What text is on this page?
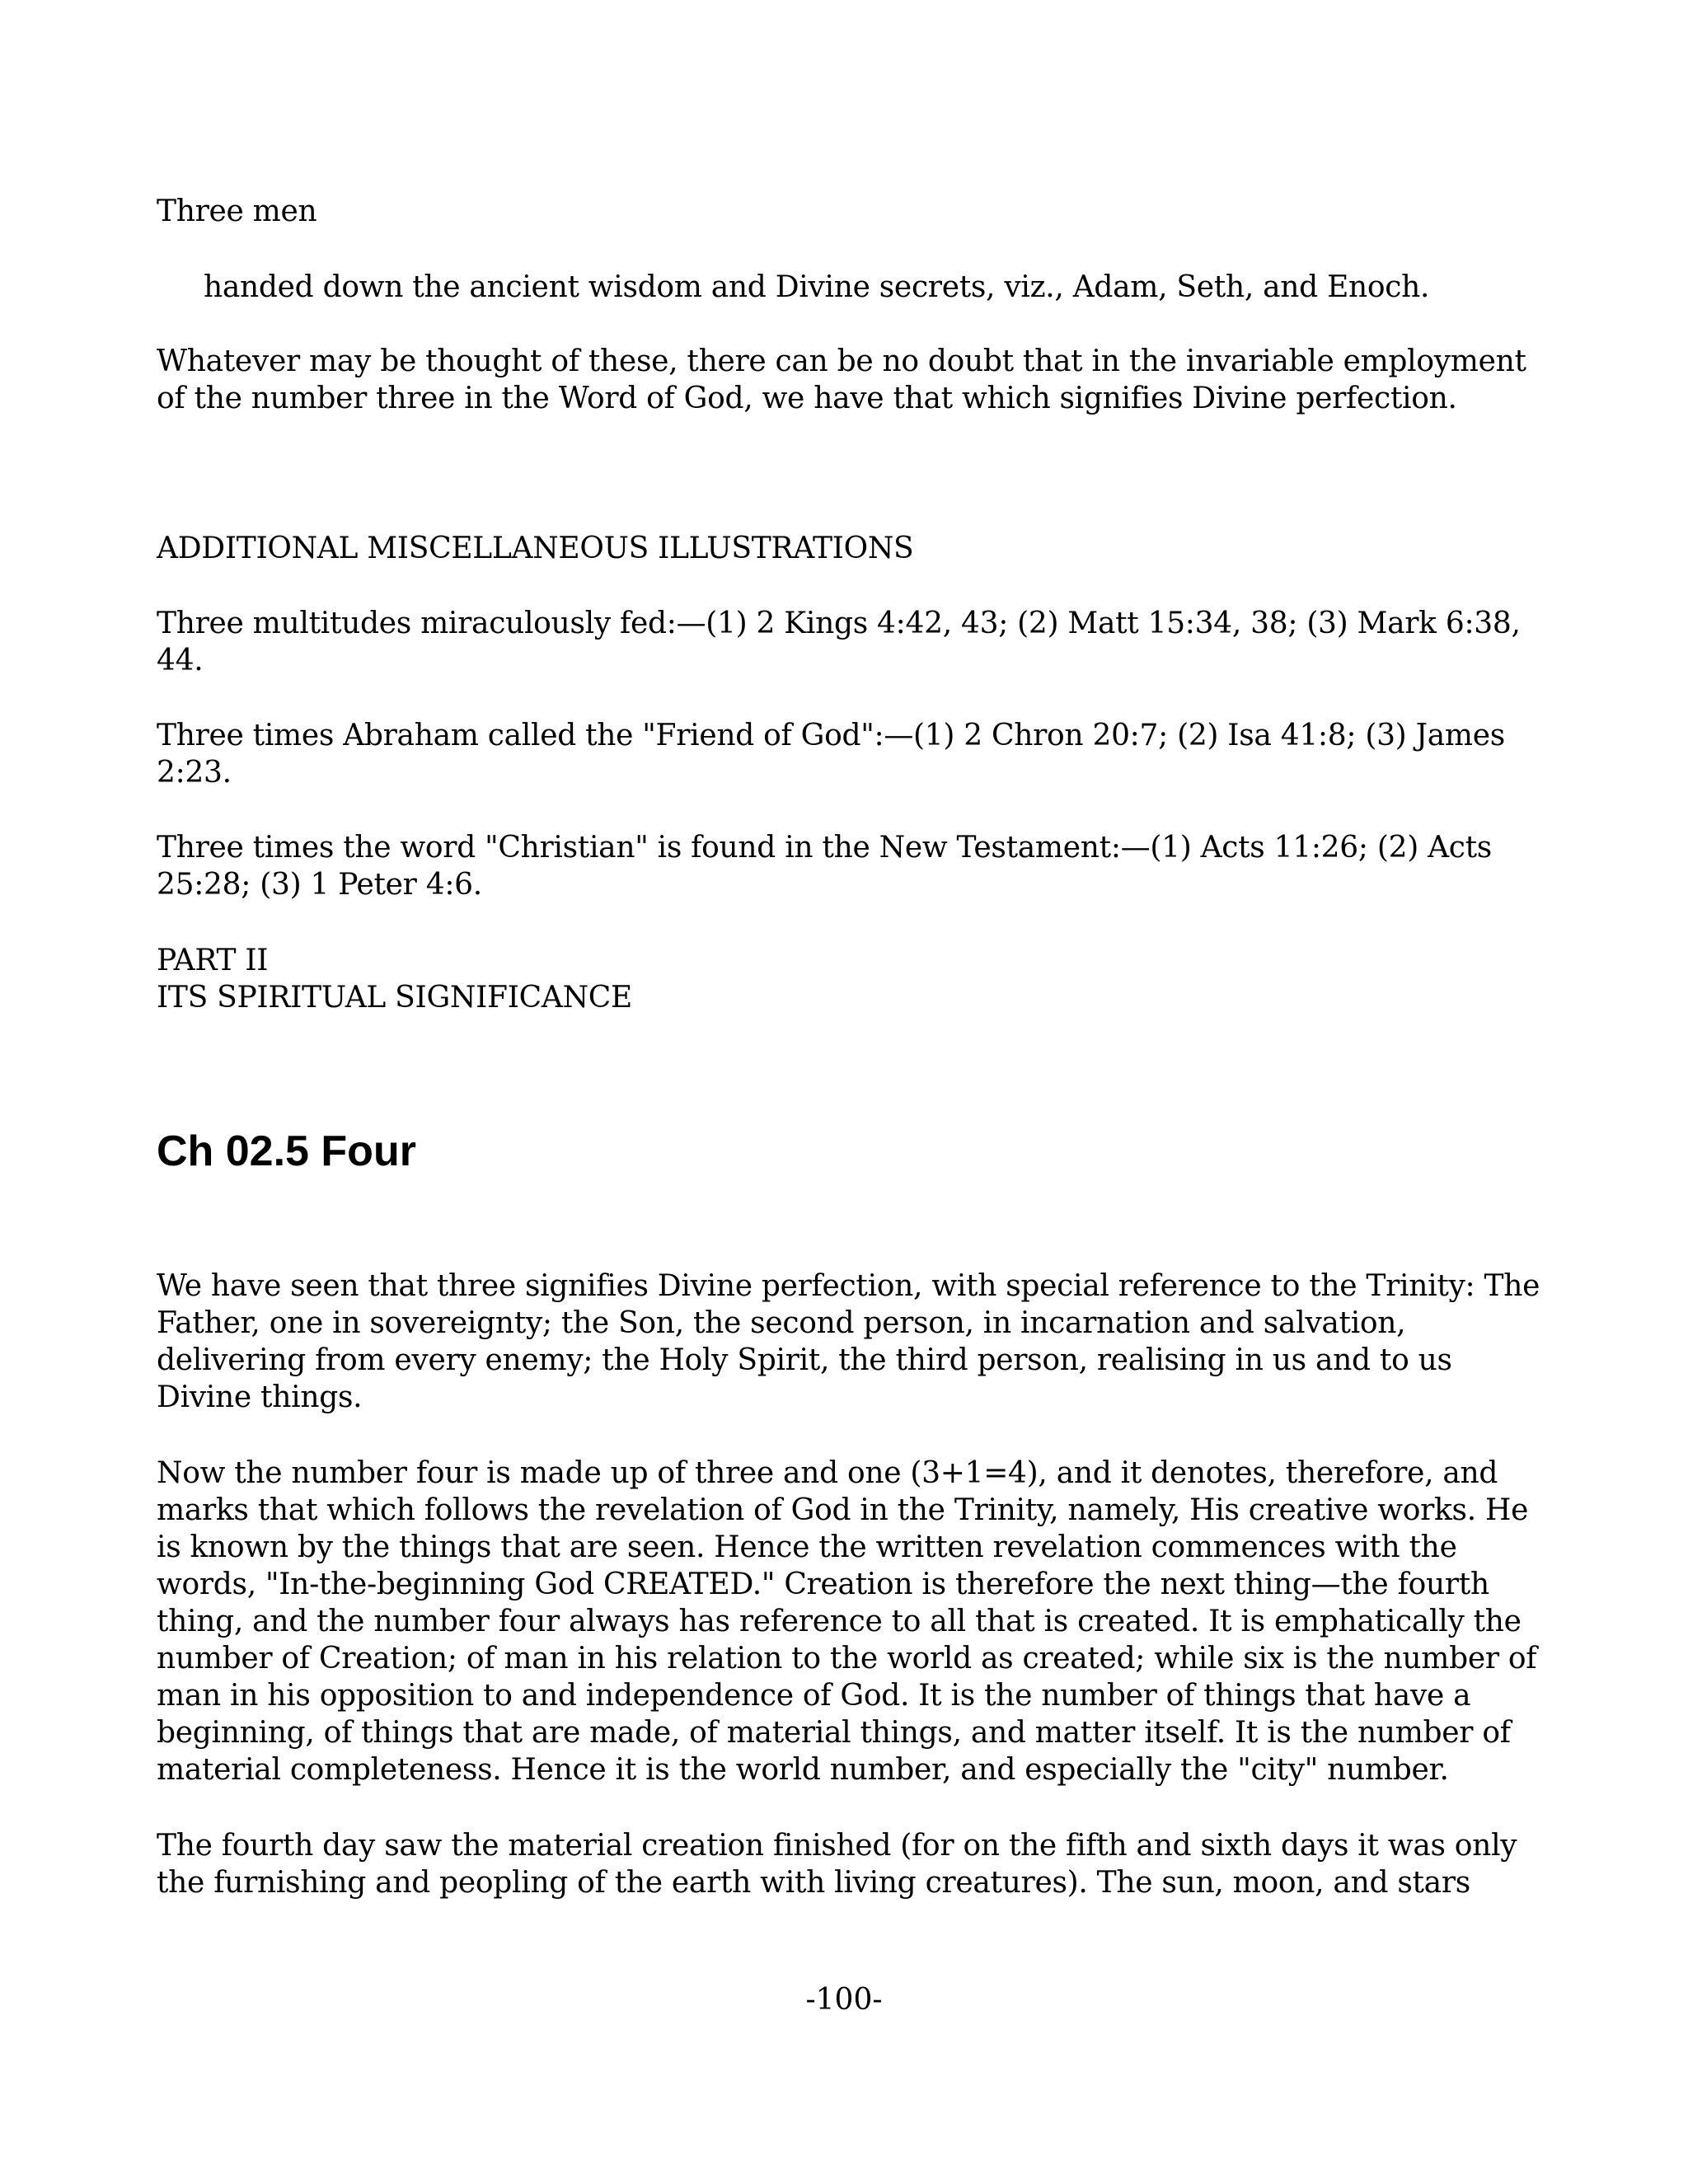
Three men

handed down the ancient wisdom and Divine secrets, viz., Adam, Seth, and Enoch.

Whatever may be thought of these, there can be no doubt that in the invariable employment of the number three in the Word of God, we have that which signifies Divine perfection.

ADDITIONAL MISCELLANEOUS ILLUSTRATIONS

Three multitudes miraculously fed:—(1) 2 Kings 4:42, 43; (2) Matt 15:34, 38; (3) Mark 6:38, 44.

Three times Abraham called the "Friend of God":—(1) 2 Chron 20:7; (2) Isa 41:8; (3) James 2:23.

Three times the word "Christian" is found in the New Testament:—(1) Acts 11:26; (2) Acts 25:28; (3) 1 Peter 4:6.

PART II
ITS SPIRITUAL SIGNIFICANCE
Ch 02.5 Four

We have seen that three signifies Divine perfection, with special reference to the Trinity: The Father, one in sovereignty; the Son, the second person, in incarnation and salvation, delivering from every enemy; the Holy Spirit, the third person, realising in us and to us Divine things.

Now the number four is made up of three and one (3+1=4), and it denotes, therefore, and marks that which follows the revelation of God in the Trinity, namely, His creative works. He is known by the things that are seen. Hence the written revelation commences with the words, "In-the-beginning God CREATED." Creation is therefore the next thing—the fourth thing, and the number four always has reference to all that is created. It is emphatically the number of Creation; of man in his relation to the world as created; while six is the number of man in his opposition to and independence of God. It is the number of things that have a beginning, of things that are made, of material things, and matter itself. It is the number of material completeness. Hence it is the world number, and especially the "city" number.

The fourth day saw the material creation finished (for on the fifth and sixth days it was only the furnishing and peopling of the earth with living creatures). The sun, moon, and stars

-100-
